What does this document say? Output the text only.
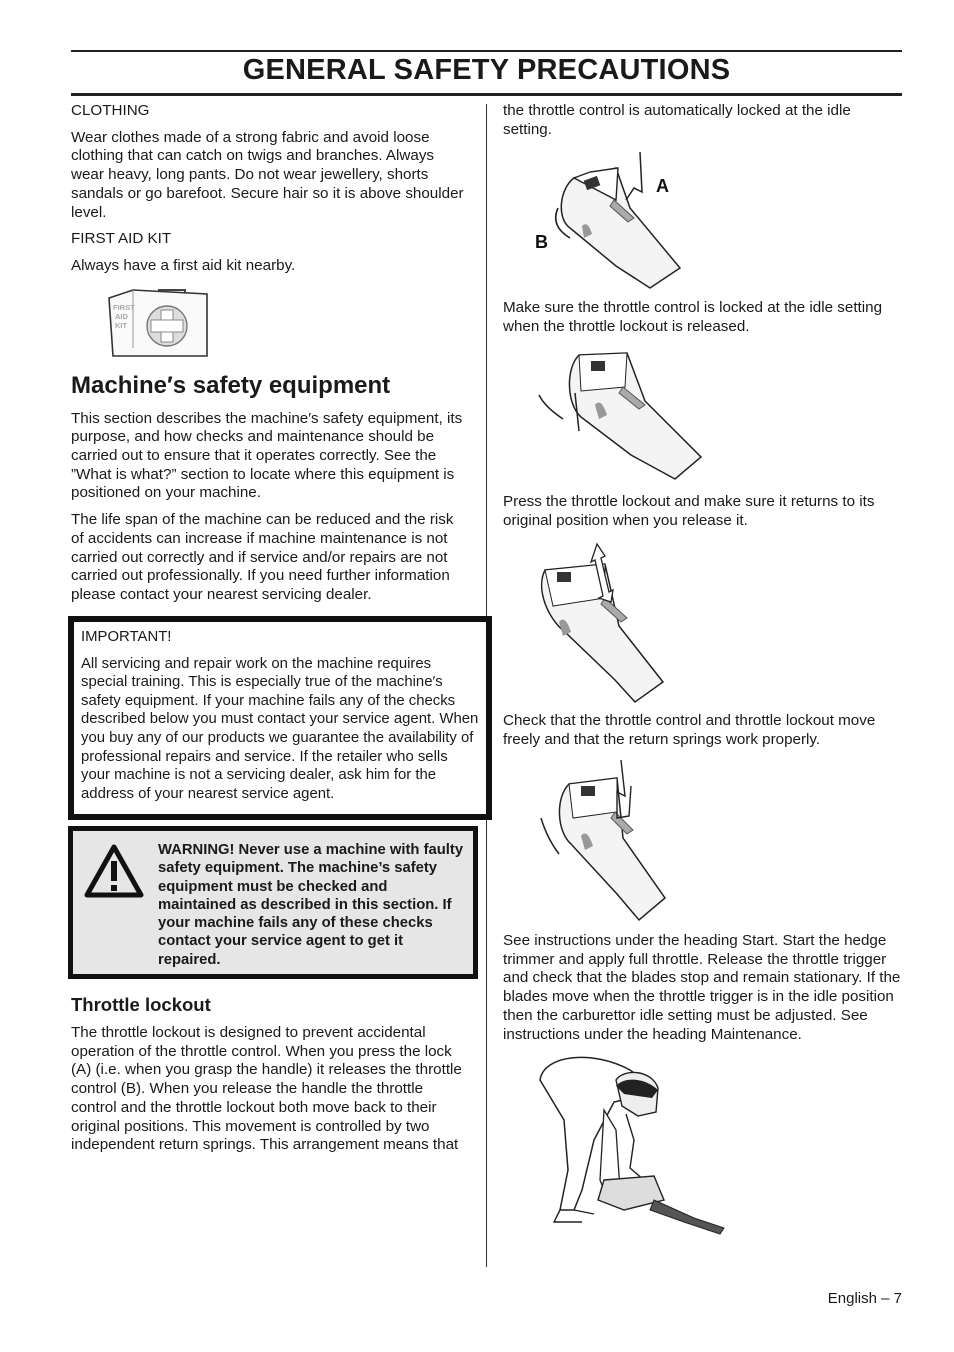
GENERAL SAFETY PRECAUTIONS
CLOTHING

Wear clothes made of a strong fabric and avoid loose clothing that can catch on twigs and branches. Always wear heavy, long pants. Do not wear jewellery, shorts sandals or go barefoot. Secure hair so it is above shoulder level.

FIRST AID KIT

Always have a first aid kit nearby.

FIRST
AID
KIT
Machine′s safety equipment

This section describes the machine′s safety equipment, its purpose, and how checks and maintenance should be carried out to ensure that it operates correctly. See the ”What is what?” section to locate where this equipment is positioned on your machine.

The life span of the machine can be reduced and the risk of accidents can increase if machine maintenance is not carried out correctly and if service and/or repairs are not carried out professionally. If you need further information please contact your nearest servicing dealer.

IMPORTANT!

All servicing and repair work on the machine requires special training. This is especially true of the machine′s safety equipment. If your machine fails any of the checks described below you must contact your service agent. When you buy any of our products we guarantee the availability of professional repairs and service. If the retailer who sells your machine is not a servicing dealer, ask him for the address of your nearest service agent.

WARNING! Never use a machine with faulty safety equipment. The machine’s safety equipment must be checked and maintained as described in this section. If your machine fails any of these checks contact your service agent to get it repaired.

Throttle lockout

The throttle lockout is designed to prevent accidental operation of the throttle control. When you press the lock (A) (i.e. when you grasp the handle) it releases the throttle control (B). When you release the handle the throttle control and the throttle lockout both move back to their original positions. This movement is controlled by two independent return springs. This arrangement means that

the throttle control is automatically locked at the idle setting.

A
B

Make sure the throttle control is locked at the idle setting when the throttle lockout is released.

Press the throttle lockout and make sure it returns to its original position when you release it.

Check that the throttle control and throttle lockout move freely and that the return springs work properly.

See instructions under the heading Start. Start the hedge trimmer and apply full throttle. Release the throttle trigger and check that the blades stop and remain stationary. If the blades move when the throttle trigger is in the idle position then the carburettor idle setting must be adjusted. See instructions under the heading Maintenance.

English – 7
